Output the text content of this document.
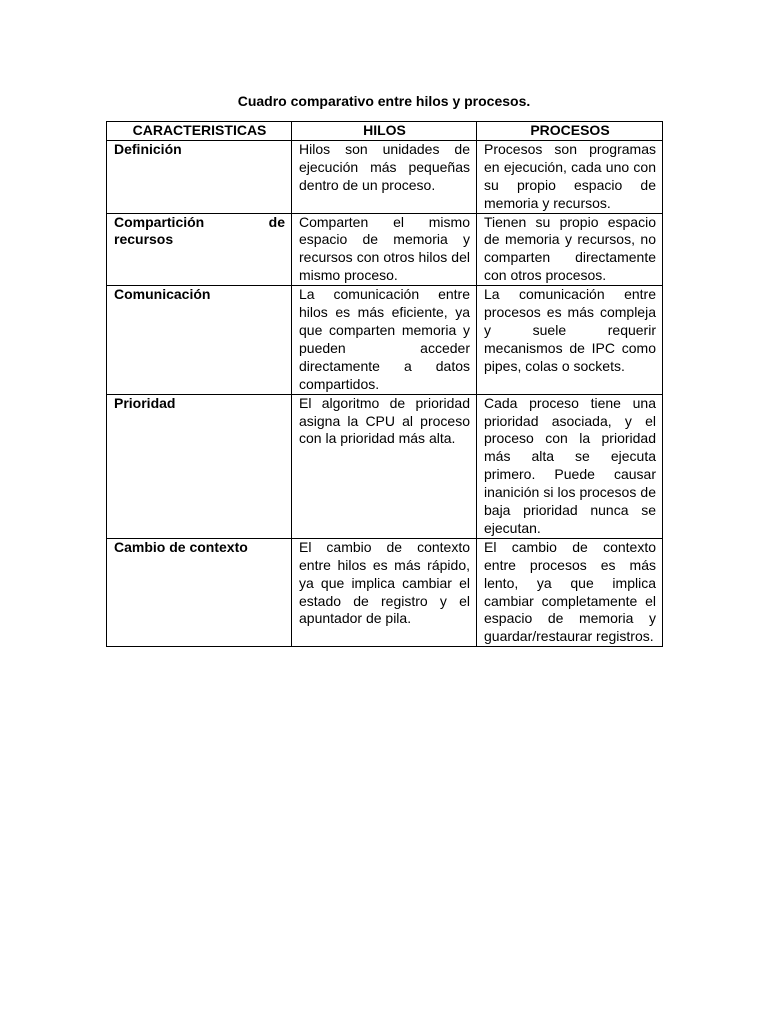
Cuadro comparativo entre hilos y procesos.
CARACTERISTICAS	HILOS	PROCESOS
Definición	Hilos son unidades de ejecución más pequeñas dentro de un proceso.	Procesos son programas en ejecución, cada uno con su propio espacio de memoria y recursos.
Compartición de recursos	Comparten el mismo espacio de memoria y recursos con otros hilos del mismo proceso.	Tienen su propio espacio de memoria y recursos, no comparten directamente con otros procesos.
Comunicación	La comunicación entre hilos es más eficiente, ya que comparten memoria y pueden acceder directamente a datos compartidos.	La comunicación entre procesos es más compleja y suele requerir mecanismos de IPC como pipes, colas o sockets.
Prioridad	El algoritmo de prioridad asigna la CPU al proceso con la prioridad más alta.	Cada proceso tiene una prioridad asociada, y el proceso con la prioridad más alta se ejecuta primero. Puede causar inanición si los procesos de baja prioridad nunca se ejecutan.
Cambio de contexto	El cambio de contexto entre hilos es más rápido, ya que implica cambiar el estado de registro y el apuntador de pila.	El cambio de contexto entre procesos es más lento, ya que implica cambiar completamente el espacio de memoria y guardar/restaurar registros.
